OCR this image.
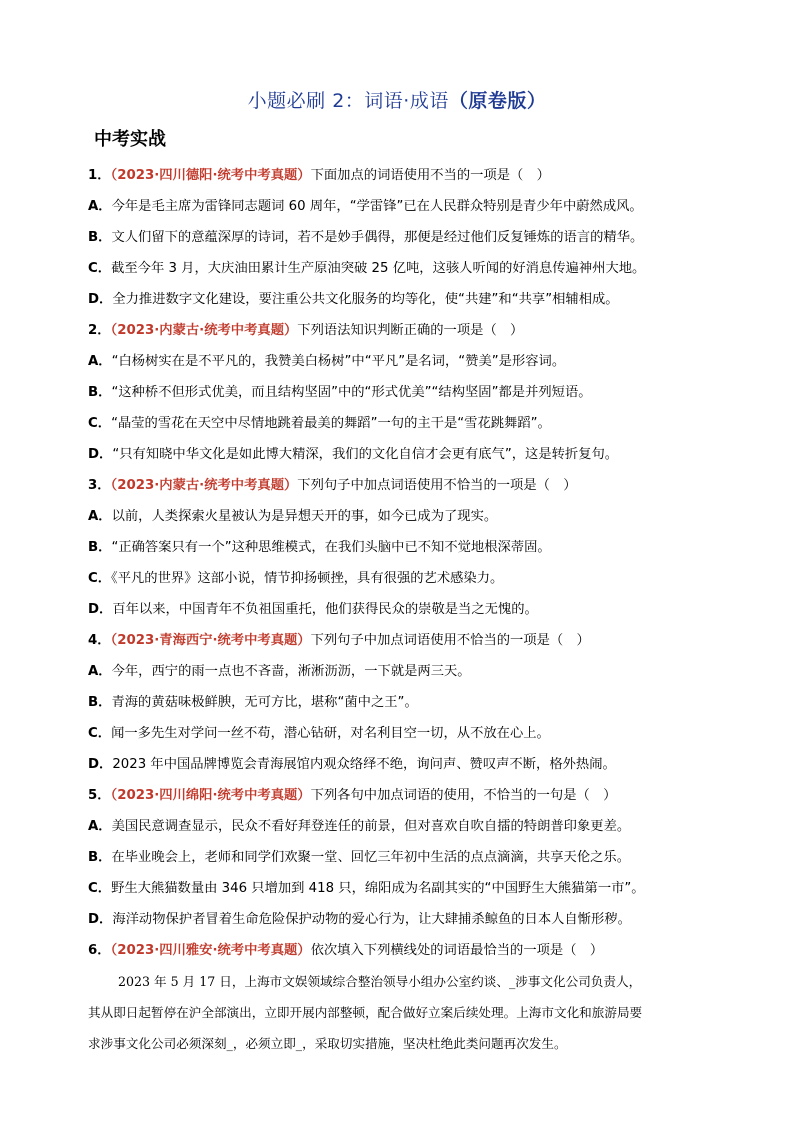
小题必刷 2：词语·成语（原卷版）
中考实战
1．（2023·四川德阳·统考中考真题）下面加点的词语使用不当的一项是（　）
A．今年是毛主席为雷锋同志题词 60 周年，“学雷锋”已在人民群众特别是青少年中蔚然成风。
B．文人们留下的意蕴深厚的诗词，若不是妙手偶得，那便是经过他们反复锤炼的语言的精华。
C．截至今年 3 月，大庆油田累计生产原油突破 25 亿吨，这骇人听闻的好消息传遍神州大地。
D．全力推进数字文化建设，要注重公共文化服务的均等化，使“共建”和“共享”相辅相成。
2．（2023·内蒙古·统考中考真题）下列语法知识判断正确的一项是（　）
A．“白杨树实在是不平凡的，我赞美白杨树”中“平凡”是名词，“赞美”是形容词。
B．“这种桥不但形式优美，而且结构坚固”中的“形式优美”“结构坚固”都是并列短语。
C．“晶莹的雪花在天空中尽情地跳着最美的舞蹈”一句的主干是“雪花跳舞蹈”。
D．“只有知晓中华文化是如此博大精深，我们的文化自信才会更有底气”，这是转折复句。
3．（2023·内蒙古·统考中考真题）下列句子中加点词语使用不恰当的一项是（　）
A．以前，人类探索火星被认为是异想天开的事，如今已成为了现实。
B．“正确答案只有一个”这种思维模式，在我们头脑中已不知不觉地根深蒂固。
C．《平凡的世界》这部小说，情节抑扬顿挫，具有很强的艺术感染力。
D．百年以来，中国青年不负祖国重托，他们获得民众的崇敬是当之无愧的。
4．（2023·青海西宁·统考中考真题）下列句子中加点词语使用不恰当的一项是（　）
A．今年，西宁的雨一点也不吝啬，淅淅沥沥，一下就是两三天。
B．青海的黄菇味极鲜腴，无可方比，堪称“菌中之王”。
C．闻一多先生对学问一丝不苟，潜心钻研，对名利目空一切，从不放在心上。
D．2023 年中国品牌博览会青海展馆内观众络绎不绝，询问声、赞叹声不断，格外热闹。
5．（2023·四川绵阳·统考中考真题）下列各句中加点词语的使用，不恰当的一句是（　）
A．美国民意调查显示，民众不看好拜登连任的前景，但对喜欢自吹自擂的特朗普印象更差。
B．在毕业晚会上，老师和同学们欢聚一堂、回忆三年初中生活的点点滴滴，共享天伦之乐。
C．野生大熊猫数量由 346 只增加到 418 只，绵阳成为名副其实的“中国野生大熊猫第一市”。
D．海洋动物保护者冒着生命危险保护动物的爱心行为，让大肆捕杀鲸鱼的日本人自惭形秽。
6．（2023·四川雅安·统考中考真题）依次填入下列横线处的词语最恰当的一项是（　）
2023 年 5 月 17 日，上海市文娱领域综合整治领导小组办公室约谈、_涉事文化公司负责人，
其从即日起暂停在沪全部演出，立即开展内部整顿，配合做好立案后续处理。上海市文化和旅游局要
求涉事文化公司必须深刻_，必须立即_，采取切实措施，坚决杜绝此类问题再次发生。
